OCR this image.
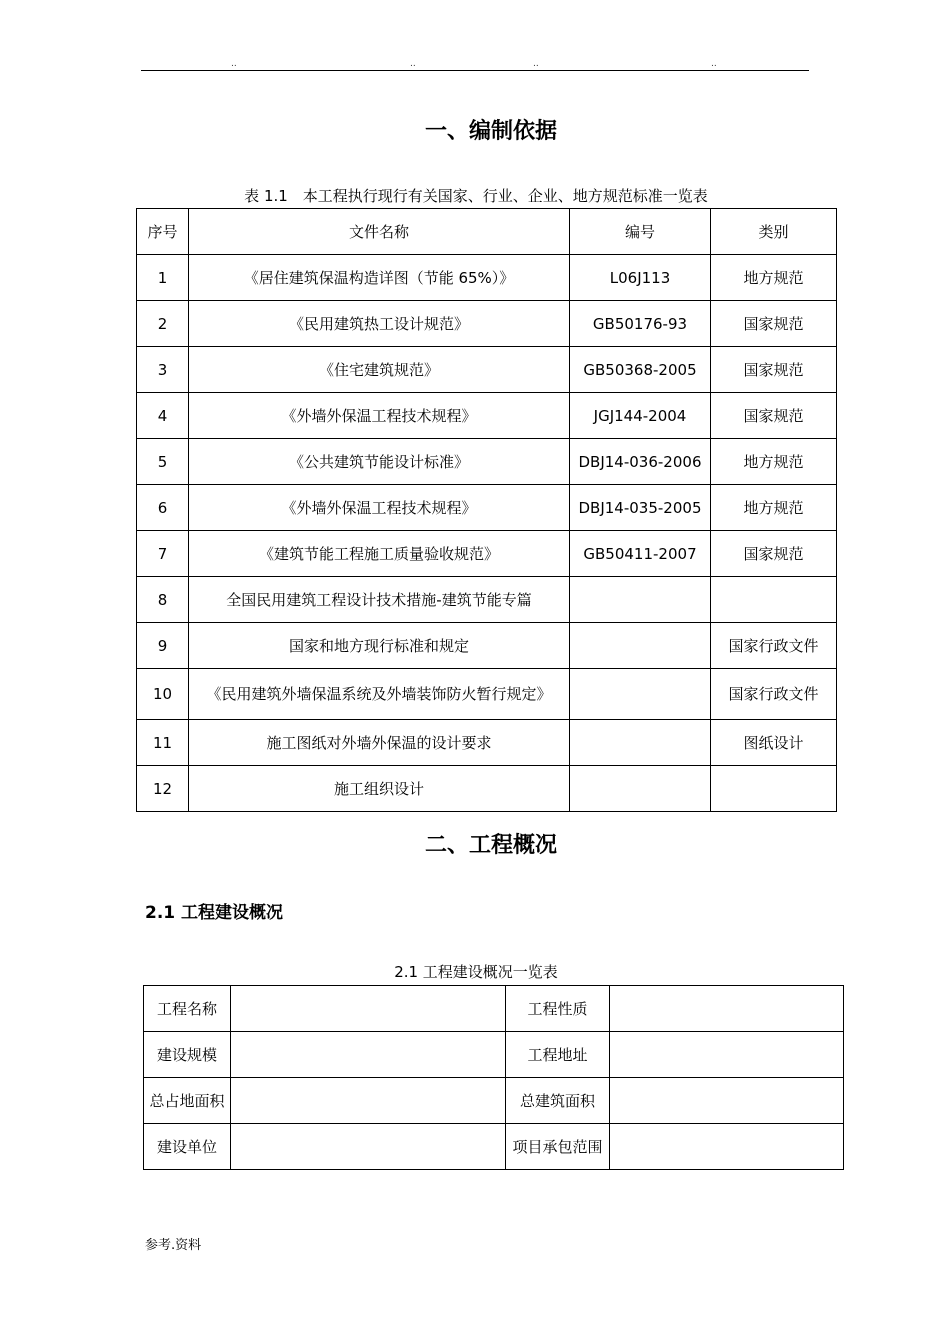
..	..	..	..
一、编制依据
表 1.1　本工程执行现行有关国家、行业、企业、地方规范标准一览表
序号	文件名称	编号	类别
1	《居住建筑保温构造详图（节能 65%）》	L06J113	地方规范
2	《民用建筑热工设计规范》	GB50176-93	国家规范
3	《住宅建筑规范》	GB50368-2005	国家规范
4	《外墙外保温工程技术规程》	JGJ144-2004	国家规范
5	《公共建筑节能设计标准》	DBJ14-036-2006	地方规范
6	《外墙外保温工程技术规程》	DBJ14-035-2005	地方规范
7	《建筑节能工程施工质量验收规范》	GB50411-2007	国家规范
8	全国民用建筑工程设计技术措施-建筑节能专篇		
9	国家和地方现行标准和规定		国家行政文件
10	《民用建筑外墙保温系统及外墙装饰防火暂行规定》		国家行政文件
11	施工图纸对外墙外保温的设计要求		图纸设计
12	施工组织设计		
二、工程概况
2.1 工程建设概况
2.1 工程建设概况一览表
工程名称		工程性质	
建设规模		工程地址	
总占地面积		总建筑面积	
建设单位		项目承包范围	
参考.资料
